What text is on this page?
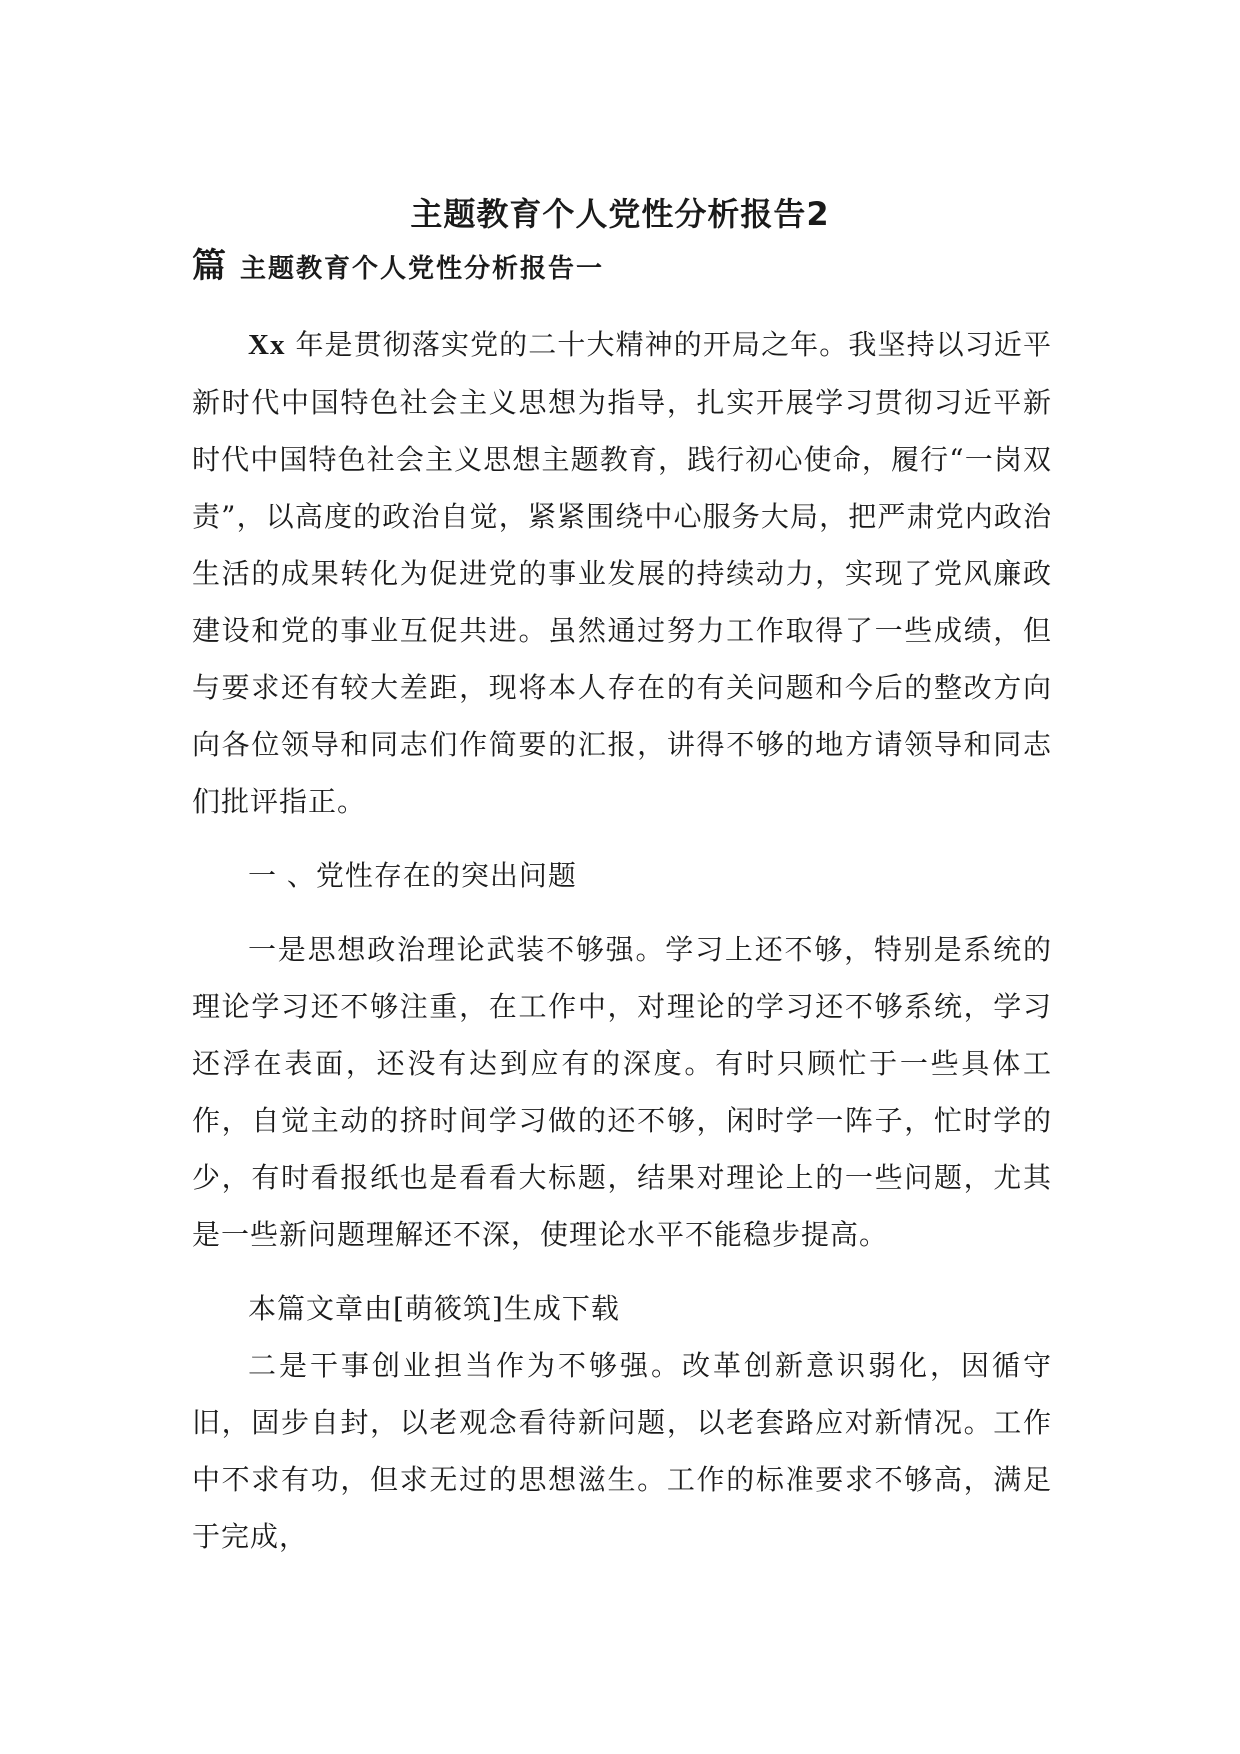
主题教育个人党性分析报告2
篇 主题教育个人党性分析报告一

Xx 年是贯彻落实党的二十大精神的开局之年。我坚持以习近平新时代中国特色社会主义思想为指导，扎实开展学习贯彻习近平新时代中国特色社会主义思想主题教育，践行初心使命，履行“一岗双责”，以高度的政治自觉，紧紧围绕中心服务大局，把严肃党内政治生活的成果转化为促进党的事业发展的持续动力，实现了党风廉政建设和党的事业互促共进。虽然通过努力工作取得了一些成绩，但与要求还有较大差距，现将本人存在的有关问题和今后的整改方向向各位领导和同志们作简要的汇报，讲得不够的地方请领导和同志们批评指正。

一 、党性存在的突出问题

一是思想政治理论武装不够强。学习上还不够，特别是系统的理论学习还不够注重，在工作中，对理论的学习还不够系统，学习还浮在表面，还没有达到应有的深度。有时只顾忙于一些具体工作，自觉主动的挤时间学习做的还不够，闲时学一阵子，忙时学的少，有时看报纸也是看看大标题，结果对理论上的一些问题，尤其是一些新问题理解还不深，使理论水平不能稳步提高。

本篇文章由[萌筱筑]生成下载

二是干事创业担当作为不够强。改革创新意识弱化，因循守旧，固步自封，以老观念看待新问题，以老套路应对新情况。工作中不求有功，但求无过的思想滋生。工作的标准要求不够高，满足于完成，
